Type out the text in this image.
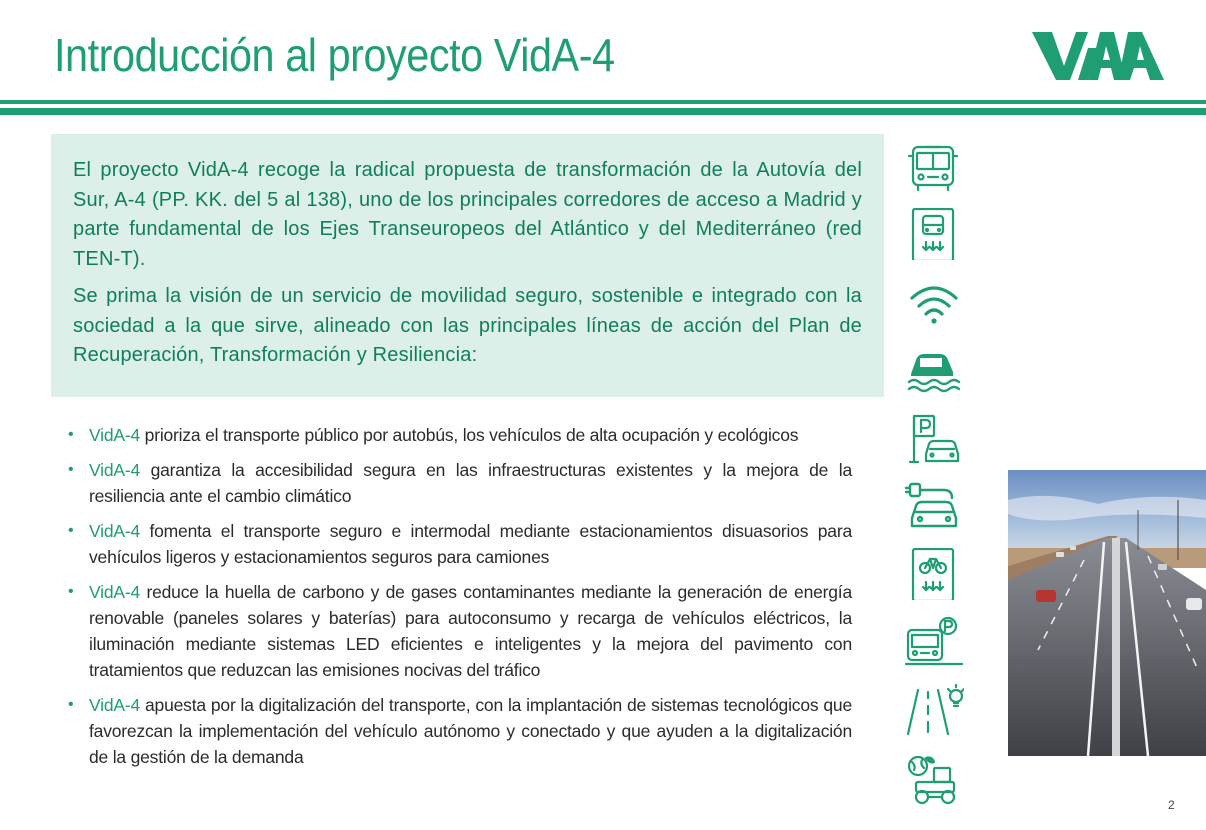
Introducción al proyecto VidA-4

El proyecto VidA-4 recoge la radical propuesta de transformación de la Autovía del Sur, A-4 (PP. KK. del 5 al 138), uno de los principales corredores de acceso a Madrid y parte fundamental de los Ejes Transeuropeos del Atlántico y del Mediterráneo (red TEN-T).

Se prima la visión de un servicio de movilidad seguro, sostenible e integrado con la sociedad a la que sirve, alineado con las principales líneas de acción del Plan de Recuperación, Transformación y Resiliencia:

• VidA-4 prioriza el transporte público por autobús, los vehículos de alta ocupación y ecológicos
• VidA-4 garantiza la accesibilidad segura en las infraestructuras existentes y la mejora de la resiliencia ante el cambio climático
• VidA-4 fomenta el transporte seguro e intermodal mediante estacionamientos disuasorios para vehículos ligeros y estacionamientos seguros para camiones
• VidA-4 reduce la huella de carbono y de gases contaminantes mediante la generación de energía renovable (paneles solares y baterías) para autoconsumo y recarga de vehículos eléctricos, la iluminación mediante sistemas LED eficientes e inteligentes y la mejora del pavimento con tratamientos que reduzcan las emisiones nocivas del tráfico
• VidA-4 apuesta por la digitalización del transporte, con la implantación de sistemas tecnológicos que favorezcan la implementación del vehículo autónomo y conectado y que ayuden a la digitalización de la gestión de la demanda
2
